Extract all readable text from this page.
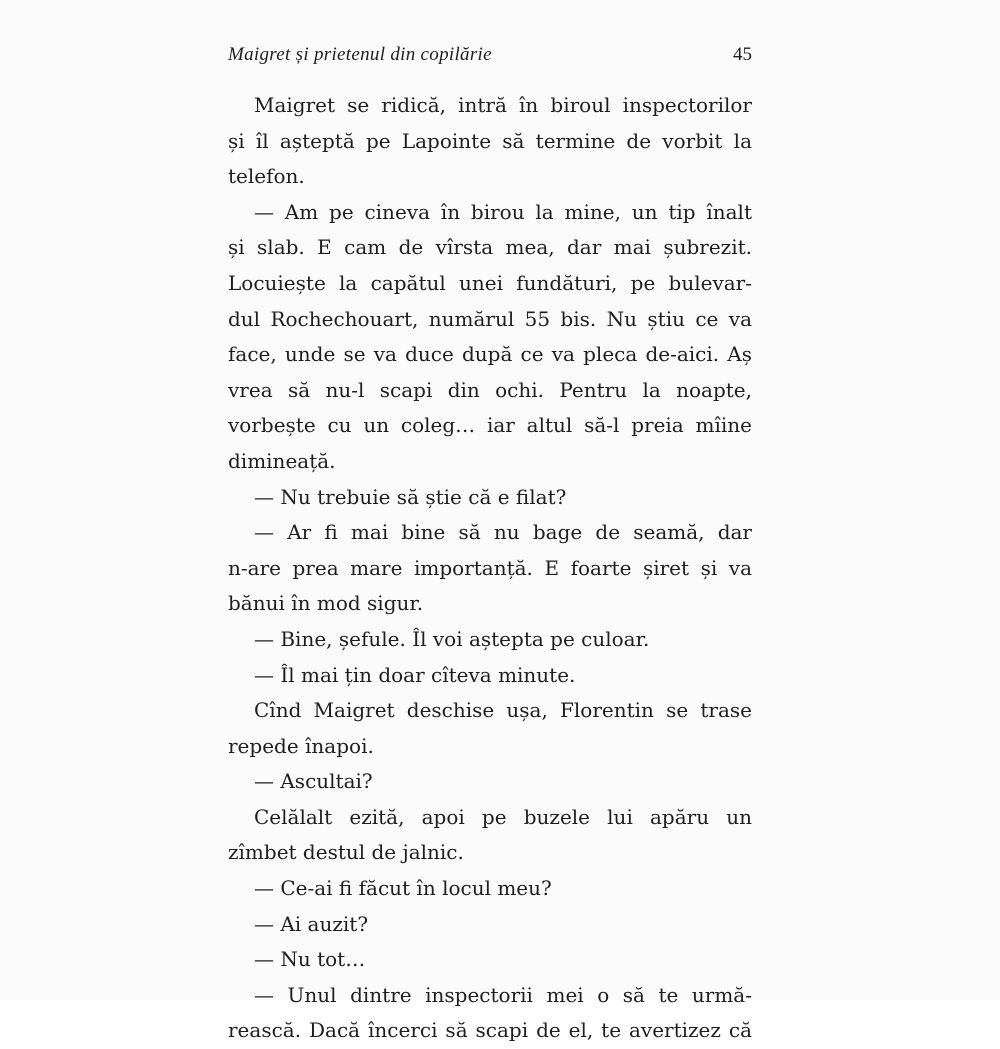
Maigret și prietenul din copilărie	45
Maigret se ridică, intră în biroul inspectorilor
și îl așteptă pe Lapointe să termine de vorbit la
telefon.
— Am pe cineva în birou la mine, un tip înalt
și slab. E cam de vîrsta mea, dar mai șubrezit.
Locuiește la capătul unei fundături, pe bulevar-
dul Rochechouart, numărul 55 bis. Nu știu ce va
face, unde se va duce după ce va pleca de-aici. Aș
vrea să nu-l scapi din ochi. Pentru la noapte,
vorbește cu un coleg… iar altul să-l preia mîine
dimineață.
— Nu trebuie să știe că e filat?
— Ar fi mai bine să nu bage de seamă, dar
n-are prea mare importanță. E foarte șiret și va
bănui în mod sigur.
— Bine, șefule. Îl voi aștepta pe culoar.
— Îl mai țin doar cîteva minute.
Cînd Maigret deschise ușa, Florentin se trase
repede înapoi.
— Ascultai?
Celălalt ezită, apoi pe buzele lui apăru un
zîmbet destul de jalnic.
— Ce-ai fi făcut în locul meu?
— Ai auzit?
— Nu tot…
— Unul dintre inspectorii mei o să te urmă-
rească. Dacă încerci să scapi de el, te avertizez că
